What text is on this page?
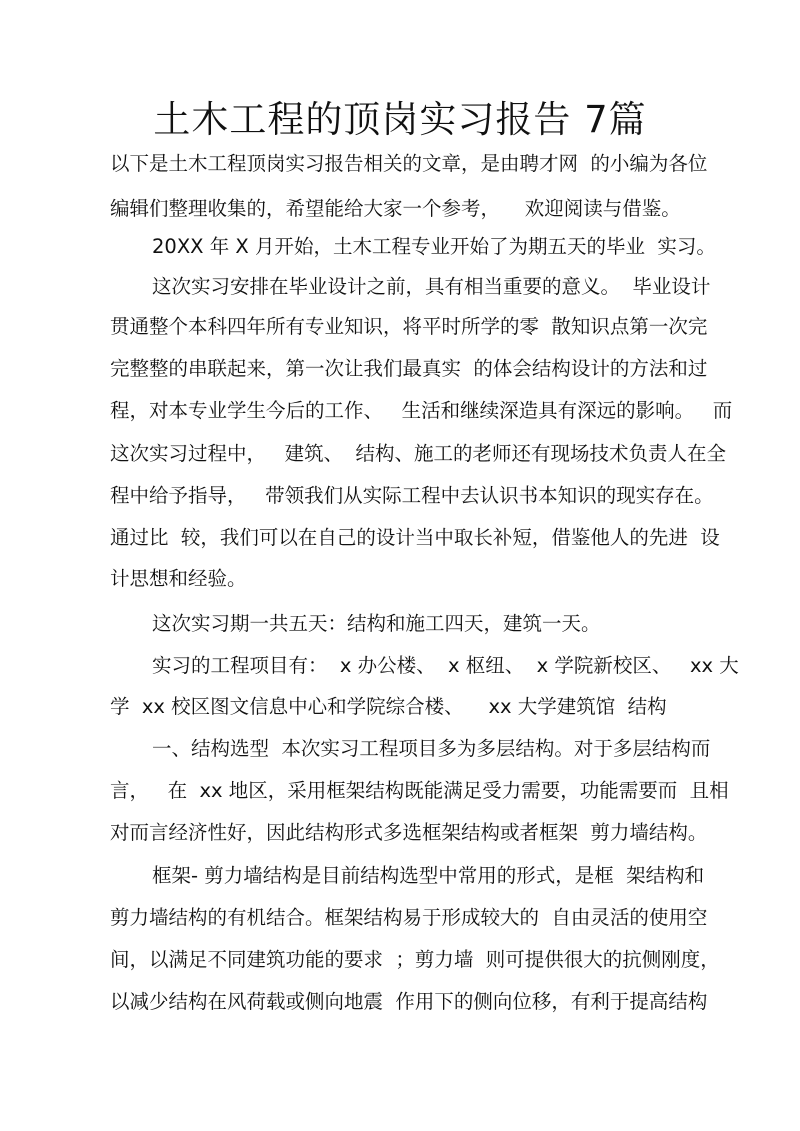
土木工程的顶岗实习报告 7篇
以下是土木工程顶岗实习报告相关的文章，是由聘才网  的小编为各位
编辑们整理收集的，希望能给大家一个参考，    欢迎阅读与借鉴。
20XX 年 X 月开始，土木工程专业开始了为期五天的毕业  实习。
这次实习安排在毕业设计之前，具有相当重要的意义。  毕业设计
贯通整个本科四年所有专业知识，将平时所学的零  散知识点第一次完
完整整的串联起来，第一次让我们最真实  的体会结构设计的方法和过
程，对本专业学生今后的工作、   生活和继续深造具有深远的影响。   而
这次实习过程中，   建筑、  结构、施工的老师还有现场技术负责人在全
程中给予指导，   带领我们从实际工程中去认识书本知识的现实存在。
通过比  较，我们可以在自己的设计当中取长补短，借鉴他人的先进  设
计思想和经验。
这次实习期一共五天：结构和施工四天，建筑一天。
实习的工程项目有：  x 办公楼、  x 枢纽、  x 学院新校区、   xx 大
学  xx 校区图文信息中心和学院综合楼、    xx 大学建筑馆  结构
一、结构选型  本次实习工程项目多为多层结构。对于多层结构而
言，   在  xx 地区，采用框架结构既能满足受力需要，功能需要而  且相
对而言经济性好，因此结构形式多选框架结构或者框架  剪力墙结构。
框架- 剪力墙结构是目前结构选型中常用的形式，是框  架结构和
剪力墙结构的有机结合。框架结构易于形成较大的  自由灵活的使用空
间，以满足不同建筑功能的要求  ；剪力墙  则可提供很大的抗侧刚度，
以减少结构在风荷载或侧向地震  作用下的侧向位移，有利于提高结构
